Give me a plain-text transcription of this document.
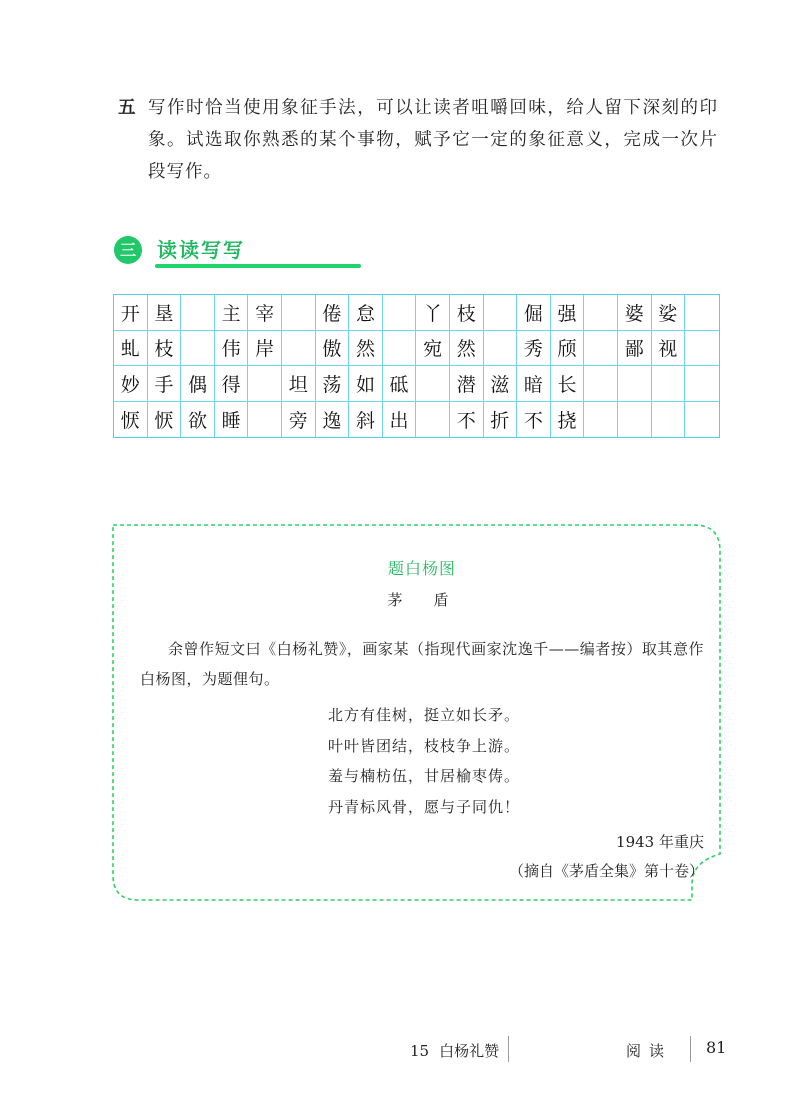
五 写作时恰当使用象征手法，可以让读者咀嚼回味，给人留下深刻的印象。试选取你熟悉的某个事物，赋予它一定的象征意义，完成一次片段写作。
三 读读写写
开 垦	主 宰	倦 怠	丫 枝	倔 强	婆 娑
虬 枝	伟 岸	傲 然	宛 然	秀 颀	鄙 视
妙 手 偶 得	坦 荡 如 砥	潜 滋 暗 长
恹 恹 欲 睡	旁 逸 斜 出	不 折 不 挠
题白杨图
茅　盾
余曾作短文曰《白杨礼赞》，画家某（指现代画家沈逸千——编者按）取其意作白杨图，为题俚句。
北方有佳树，挺立如长矛。
叶叶皆团结，枝枝争上游。
羞与楠枋伍，甘居榆枣俦。
丹青标风骨，愿与子同仇！
1943 年重庆
（摘自《茅盾全集》第十卷）
15 白杨礼赞	阅读 81
